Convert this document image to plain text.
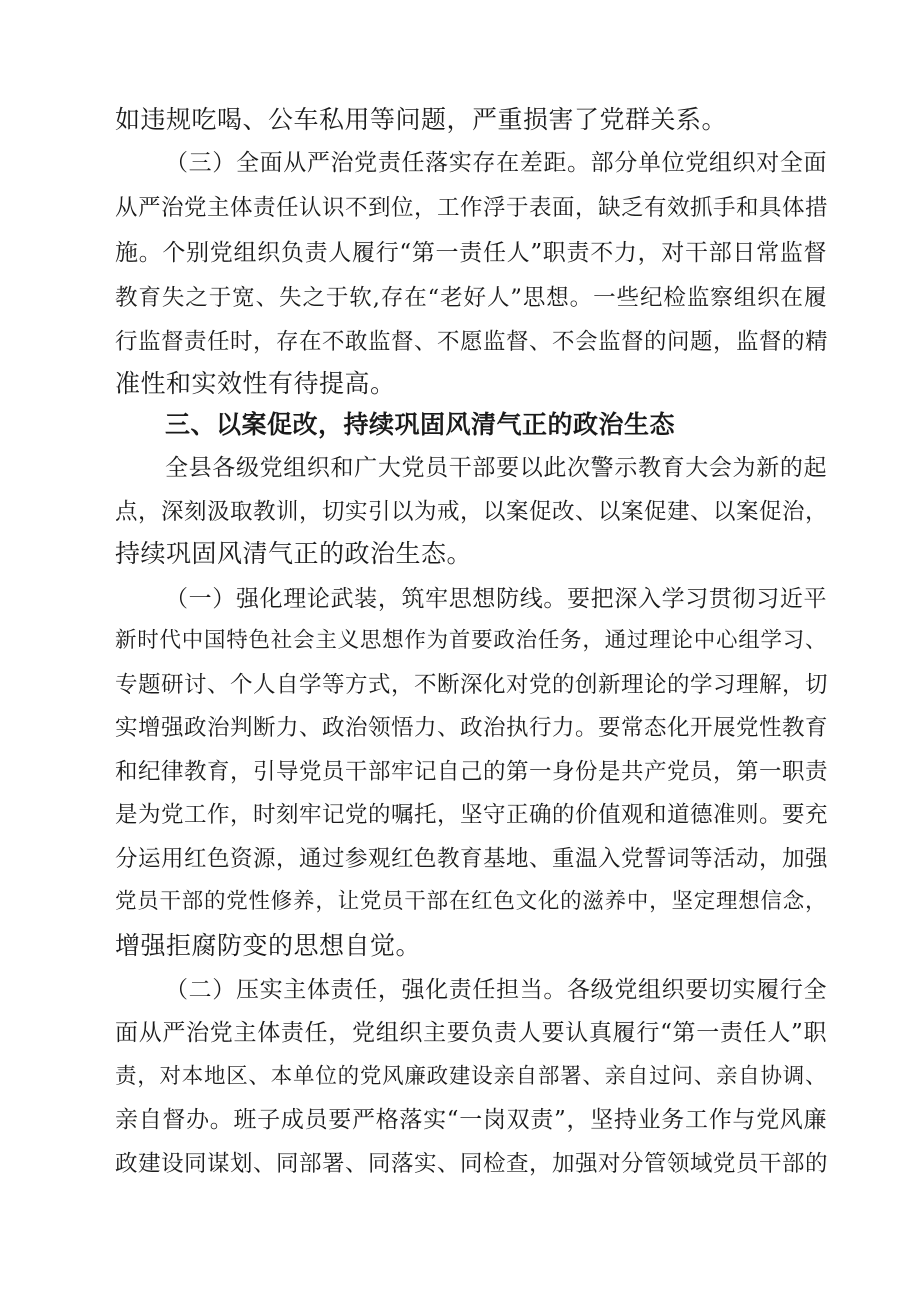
如违规吃喝、公车私用等问题，严重损害了党群关系。
（三）全面从严治党责任落实存在差距。部分单位党组织对全面
从严治党主体责任认识不到位，工作浮于表面，缺乏有效抓手和具体措
施。个别党组织负责人履行“第一责任人”职责不力，对干部日常监督
教育失之于宽、失之于软,存在“老好人”思想。一些纪检监察组织在履
行监督责任时，存在不敢监督、不愿监督、不会监督的问题，监督的精
准性和实效性有待提高。
三、以案促改，持续巩固风清气正的政治生态
全县各级党组织和广大党员干部要以此次警示教育大会为新的起
点，深刻汲取教训，切实引以为戒，以案促改、以案促建、以案促治，
持续巩固风清气正的政治生态。
（一）强化理论武装，筑牢思想防线。要把深入学习贯彻习近平
新时代中国特色社会主义思想作为首要政治任务，通过理论中心组学习、
专题研讨、个人自学等方式，不断深化对党的创新理论的学习理解，切
实增强政治判断力、政治领悟力、政治执行力。要常态化开展党性教育
和纪律教育，引导党员干部牢记自己的第一身份是共产党员，第一职责
是为党工作，时刻牢记党的嘱托，坚守正确的价值观和道德准则。要充
分运用红色资源，通过参观红色教育基地、重温入党誓词等活动，加强
党员干部的党性修养，让党员干部在红色文化的滋养中，坚定理想信念，
增强拒腐防变的思想自觉。
（二）压实主体责任，强化责任担当。各级党组织要切实履行全
面从严治党主体责任，党组织主要负责人要认真履行“第一责任人”职
责，对本地区、本单位的党风廉政建设亲自部署、亲自过问、亲自协调、
亲自督办。班子成员要严格落实“一岗双责”，坚持业务工作与党风廉
政建设同谋划、同部署、同落实、同检查，加强对分管领域党员干部的
